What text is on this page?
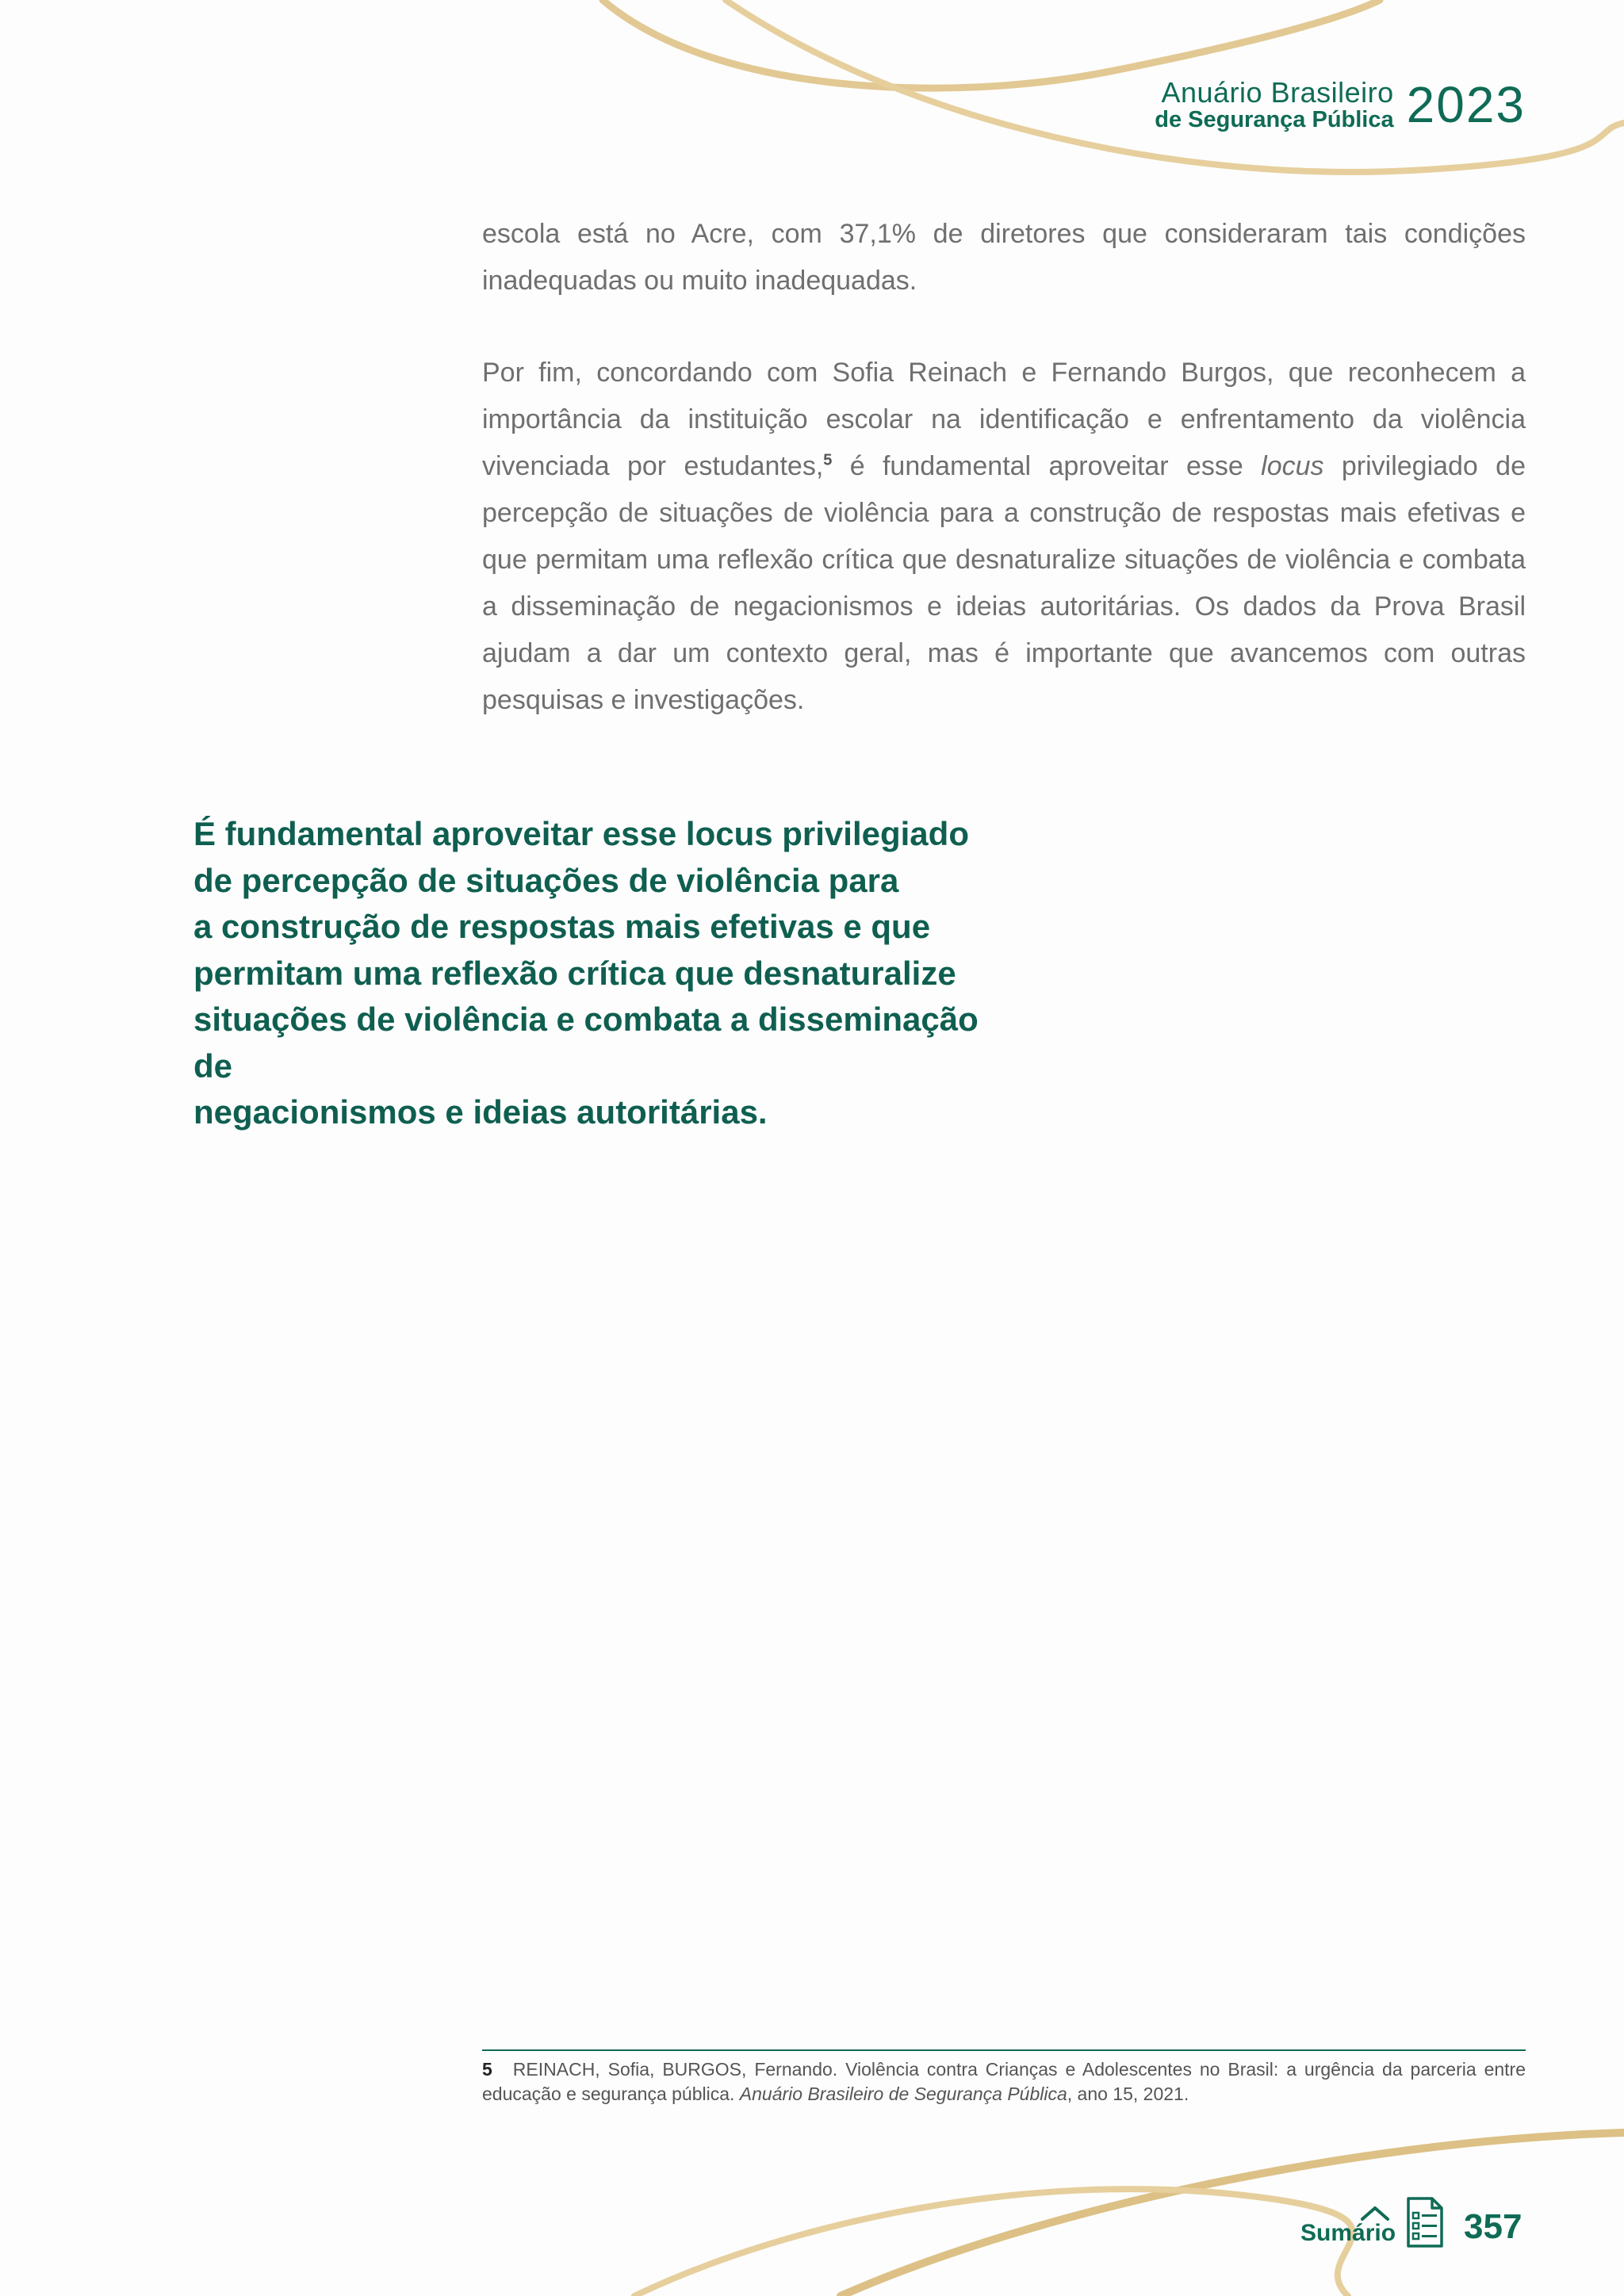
Anuário Brasileiro
de Segurança Pública 2023

escola está no Acre, com 37,1% de diretores que consideraram tais condições inadequadas ou muito inadequadas.

Por fim, concordando com Sofia Reinach e Fernando Burgos, que reconhecem a importância da instituição escolar na identificação e enfrentamento da violência vivenciada por estudantes,$^5$ é fundamental aproveitar esse locus privilegiado de percepção de situações de violência para a construção de respostas mais efetivas e que permitam uma reflexão crítica que desnaturalize situações de violência e combata a disseminação de negacionismos e ideias autoritárias. Os dados da Prova Brasil ajudam a dar um contexto geral, mas é importante que avancemos com outras pesquisas e investigações.

É fundamental aproveitar esse locus privilegiado
de percepção de situações de violência para
a construção de respostas mais efetivas e que
permitam uma reflexão crítica que desnaturalize
situações de violência e combata a disseminação de
negacionismos e ideias autoritárias.
5 REINACH, Sofia, BURGOS, Fernando. Violência contra Crianças e Adolescentes no Brasil: a urgência da parceria entre educação e segurança pública. Anuário Brasileiro de Segurança Pública, ano 15, 2021.
Sumário 357
